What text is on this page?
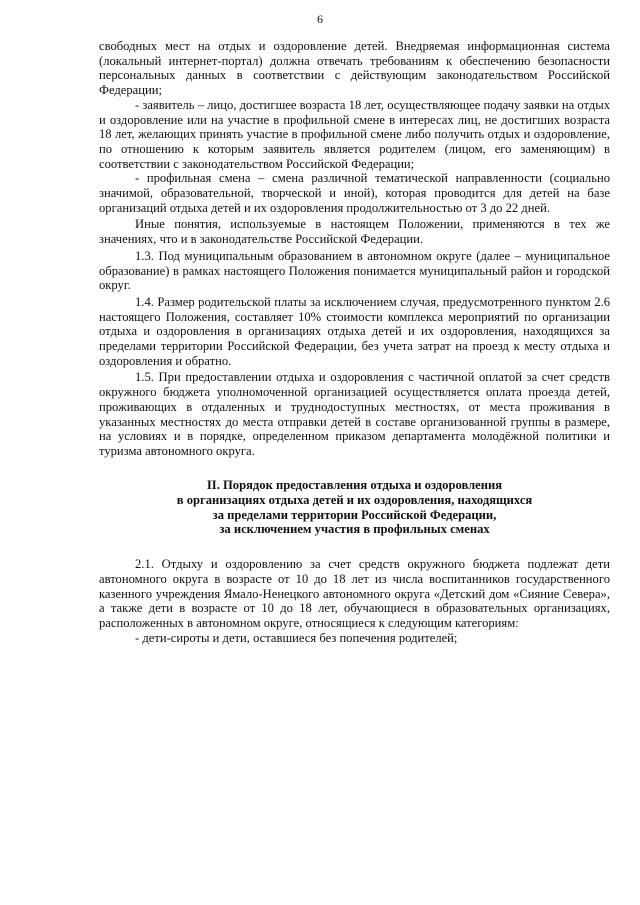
6

свободных мест на отдых и оздоровление детей. Внедряемая информационная система (локальный интернет-портал) должна отвечать требованиям к обеспечению безопасности персональных данных в соответствии с действующим законодательством Российской Федерации;

- заявитель – лицо, достигшее возраста 18 лет, осуществляющее подачу заявки на отдых и оздоровление или на участие в профильной смене в интересах лиц, не достигших возраста 18 лет, желающих принять участие в профильной смене либо получить отдых и оздоровление, по отношению к которым заявитель является родителем (лицом, его заменяющим) в соответствии с законодательством Российской Федерации;

- профильная смена – смена различной тематической направленности (социально значимой, образовательной, творческой и иной), которая проводится для детей на базе организаций отдыха детей и их оздоровления продолжительностью от 3 до 22 дней.

Иные понятия, используемые в настоящем Положении, применяются в тех же значениях, что и в законодательстве Российской Федерации.

1.3. Под муниципальным образованием в автономном округе (далее – муниципальное образование) в рамках настоящего Положения понимается муниципальный район и городской округ.

1.4. Размер родительской платы за исключением случая, предусмотренного пунктом 2.6 настоящего Положения, составляет 10% стоимости комплекса мероприятий по организации отдыха и оздоровления в организациях отдыха детей и их оздоровления, находящихся за пределами территории Российской Федерации, без учета затрат на проезд к месту отдыха и оздоровления и обратно.

1.5. При предоставлении отдыха и оздоровления с частичной оплатой за счет средств окружного бюджета уполномоченной организацией осуществляется оплата проезда детей, проживающих в отдаленных и труднодоступных местностях, от места проживания в указанных местностях до места отправки детей в составе организованной группы в размере, на условиях и в порядке, определенном приказом департамента молодёжной политики и туризма автономного округа.

II. Порядок предоставления отдыха и оздоровления
в организациях отдыха детей и их оздоровления, находящихся
за пределами территории Российской Федерации,
за исключением участия в профильных сменах

2.1. Отдыху и оздоровлению за счет средств окружного бюджета подлежат дети автономного округа в возрасте от 10 до 18 лет из числа воспитанников государственного казенного учреждения Ямало-Ненецкого автономного округа «Детский дом «Сияние Севера», а также дети в возрасте от 10 до 18 лет, обучающиеся в образовательных организациях, расположенных в автономном округе, относящиеся к следующим категориям:

- дети-сироты и дети, оставшиеся без попечения родителей;
